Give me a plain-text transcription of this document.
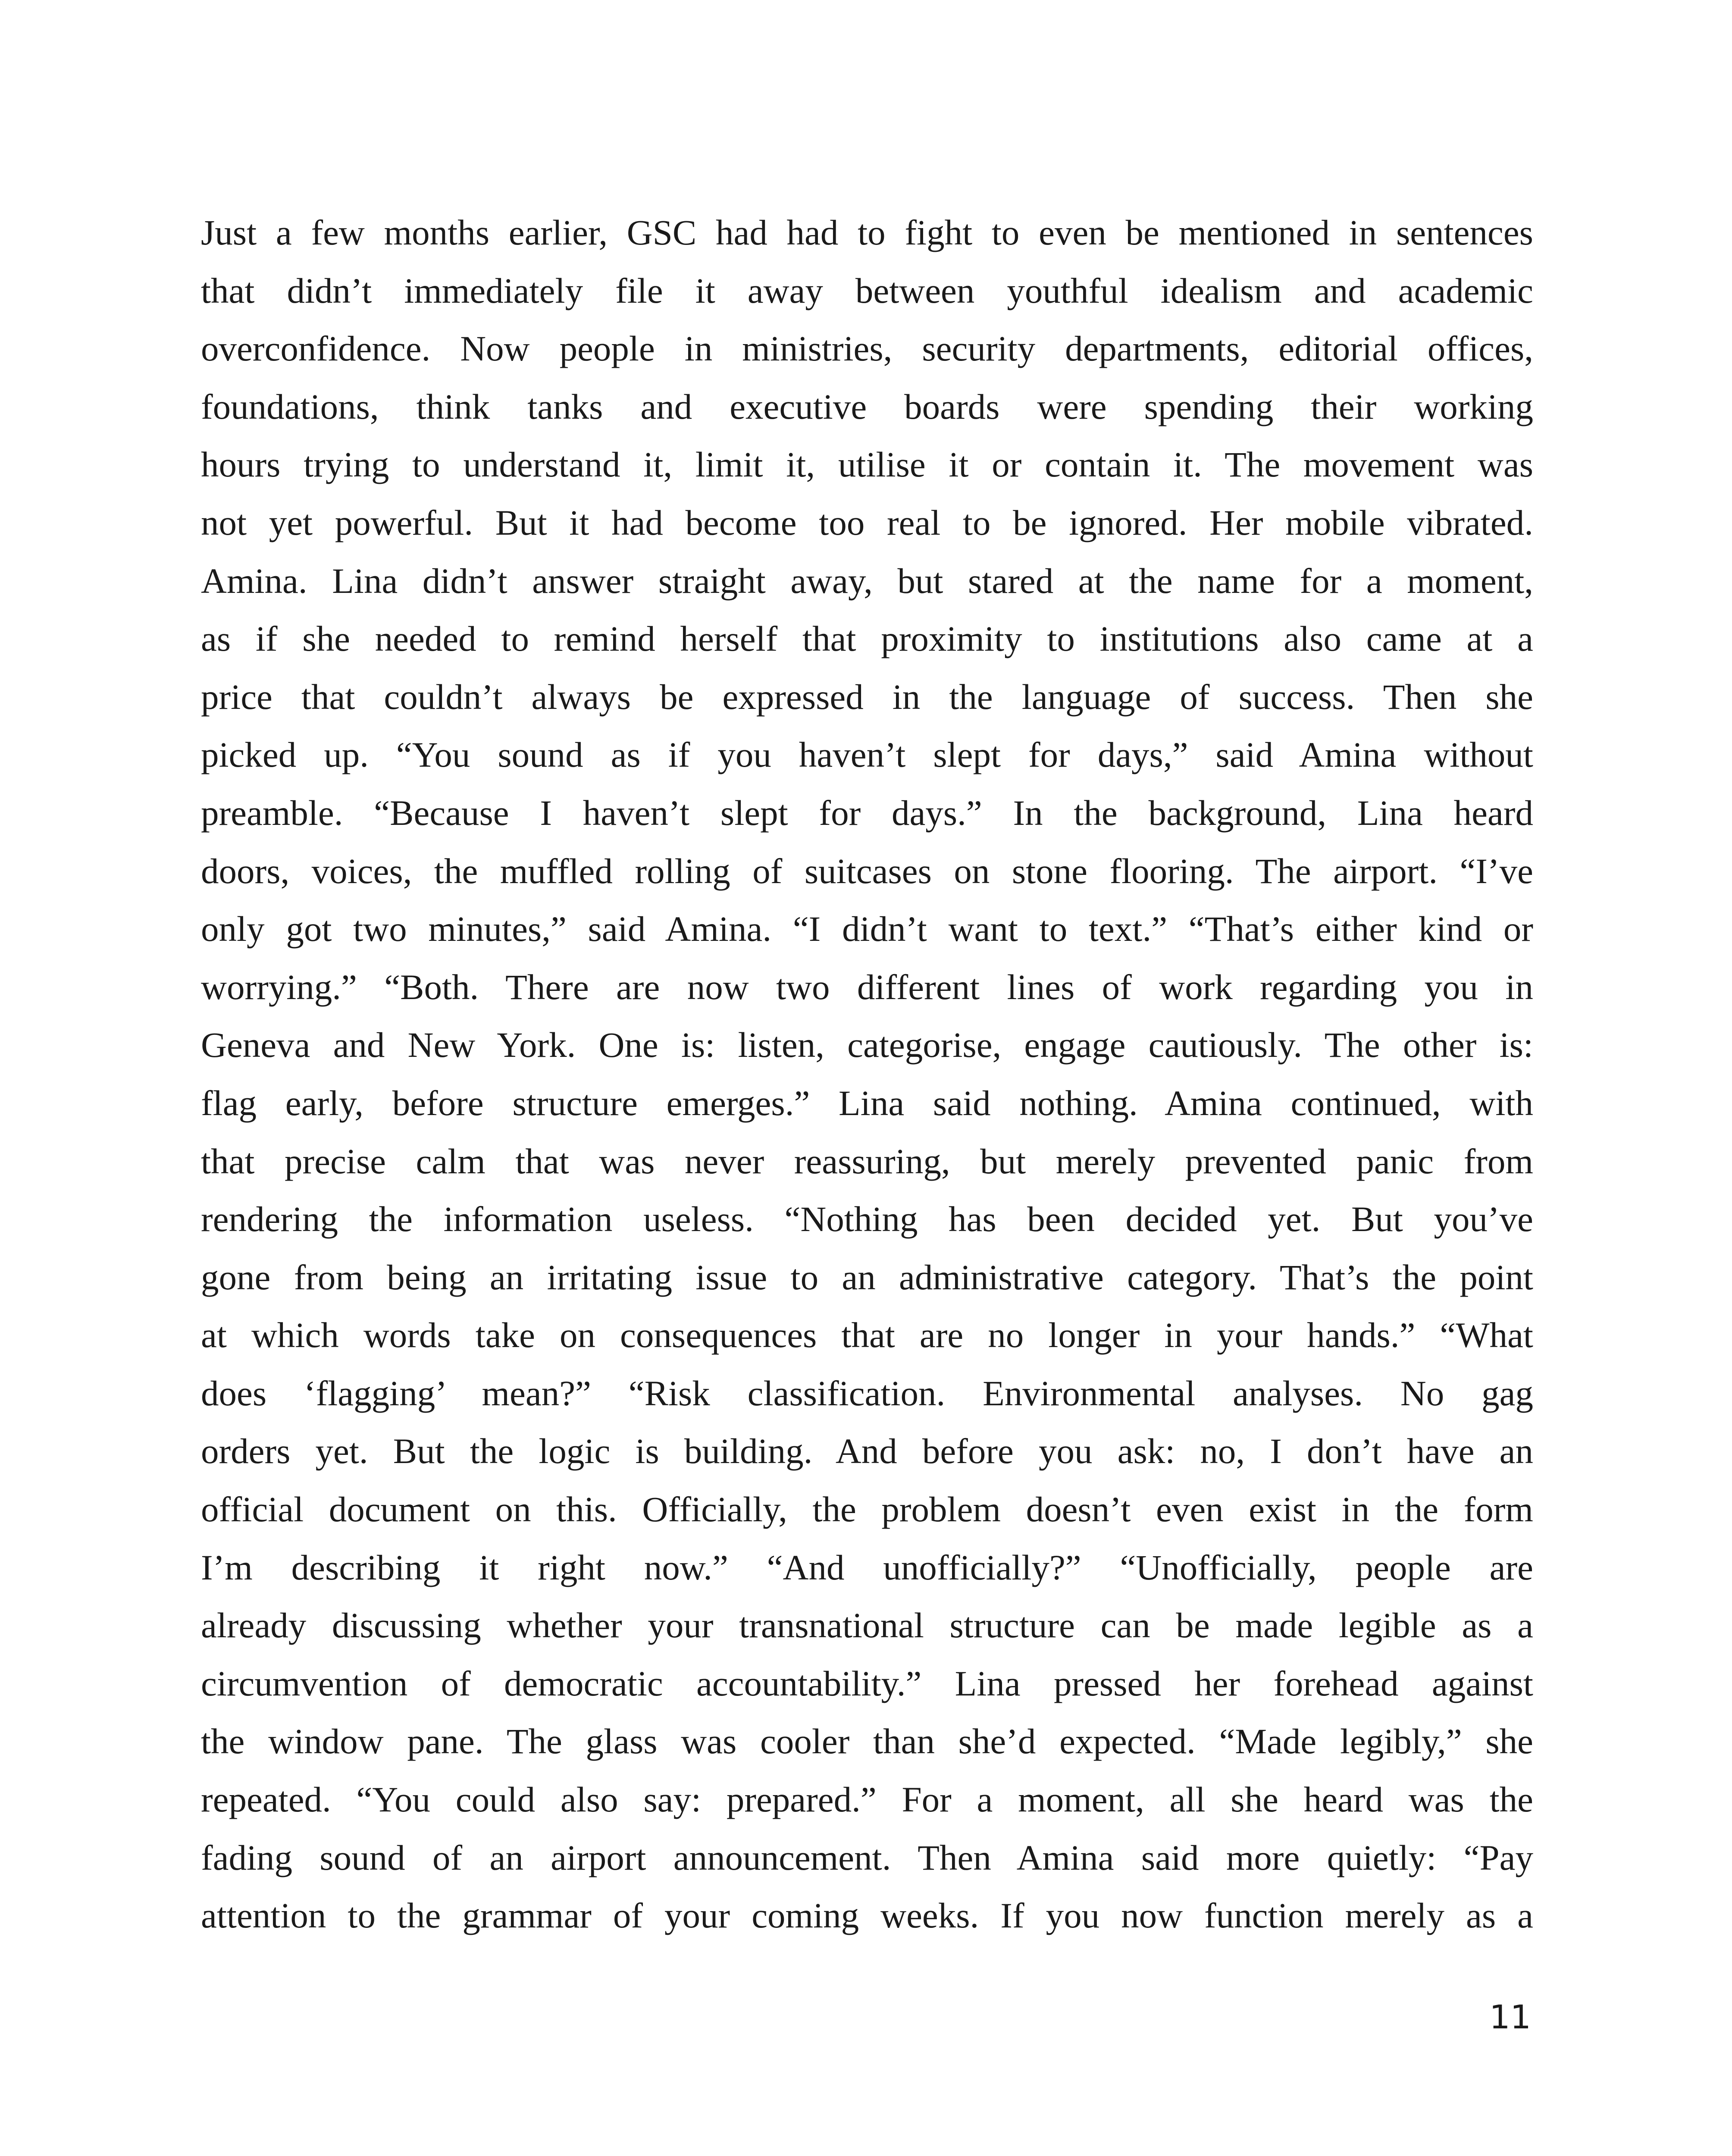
Just a few months earlier, GSC had had to fight to even be mentioned in sentences
that didn’t immediately file it away between youthful idealism and academic
overconfidence. Now people in ministries, security departments, editorial offices,
foundations, think tanks and executive boards were spending their working
hours trying to understand it, limit it, utilise it or contain it. The movement was
not yet powerful. But it had become too real to be ignored. Her mobile vibrated.
Amina. Lina didn’t answer straight away, but stared at the name for a moment,
as if she needed to remind herself that proximity to institutions also came at a
price that couldn’t always be expressed in the language of success. Then she
picked up. “You sound as if you haven’t slept for days,” said Amina without
preamble. “Because I haven’t slept for days.” In the background, Lina heard
doors, voices, the muffled rolling of suitcases on stone flooring. The airport. “I’ve
only got two minutes,” said Amina. “I didn’t want to text.” “That’s either kind or
worrying.” “Both. There are now two different lines of work regarding you in
Geneva and New York. One is: listen, categorise, engage cautiously. The other is:
flag early, before structure emerges.” Lina said nothing. Amina continued, with
that precise calm that was never reassuring, but merely prevented panic from
rendering the information useless. “Nothing has been decided yet. But you’ve
gone from being an irritating issue to an administrative category. That’s the point
at which words take on consequences that are no longer in your hands.” “What
does ‘flagging’ mean?” “Risk classification. Environmental analyses. No gag
orders yet. But the logic is building. And before you ask: no, I don’t have an
official document on this. Officially, the problem doesn’t even exist in the form
I’m describing it right now.” “And unofficially?” “Unofficially, people are
already discussing whether your transnational structure can be made legible as a
circumvention of democratic accountability.” Lina pressed her forehead against
the window pane. The glass was cooler than she’d expected. “Made legibly,” she
repeated. “You could also say: prepared.” For a moment, all she heard was the
fading sound of an airport announcement. Then Amina said more quietly: “Pay
attention to the grammar of your coming weeks. If you now function merely as a
11
